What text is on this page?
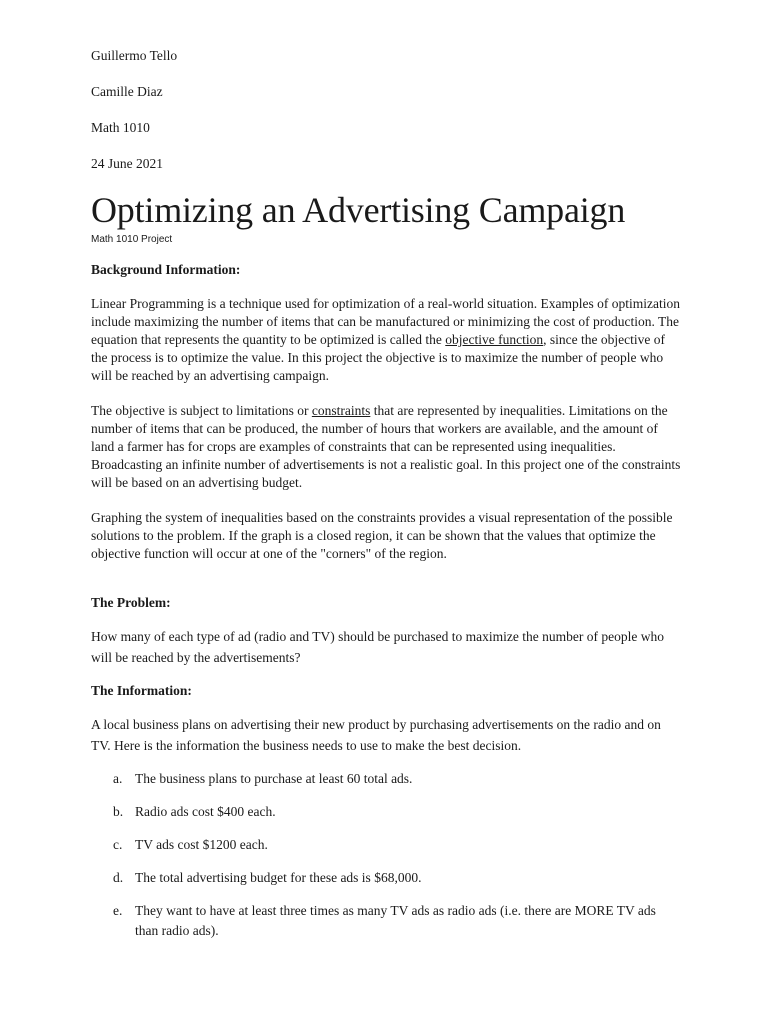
Guillermo Tello
Camille Diaz
Math 1010
24 June 2021
Optimizing an Advertising Campaign
Math 1010 Project
Background Information:

Linear Programming is a technique used for optimization of a real-world situation. Examples of optimization include maximizing the number of items that can be manufactured or minimizing the cost of production. The equation that represents the quantity to be optimized is called the objective function, since the objective of the process is to optimize the value. In this project the objective is to maximize the number of people who will be reached by an advertising campaign.

The objective is subject to limitations or constraints that are represented by inequalities. Limitations on the number of items that can be produced, the number of hours that workers are available, and the amount of land a farmer has for crops are examples of constraints that can be represented using inequalities. Broadcasting an infinite number of advertisements is not a realistic goal. In this project one of the constraints will be based on an advertising budget.

Graphing the system of inequalities based on the constraints provides a visual representation of the possible solutions to the problem. If the graph is a closed region, it can be shown that the values that optimize the objective function will occur at one of the "corners" of the region.

The Problem:

How many of each type of ad (radio and TV) should be purchased to maximize the number of people who will be reached by the advertisements?

The Information:

A local business plans on advertising their new product by purchasing advertisements on the radio and on TV. Here is the information the business needs to use to make the best decision.

a. The business plans to purchase at least 60 total ads.
b. Radio ads cost $400 each.
c. TV ads cost $1200 each.
d. The total advertising budget for these ads is $68,000.
e. They want to have at least three times as many TV ads as radio ads (i.e. there are MORE TV ads than radio ads).
